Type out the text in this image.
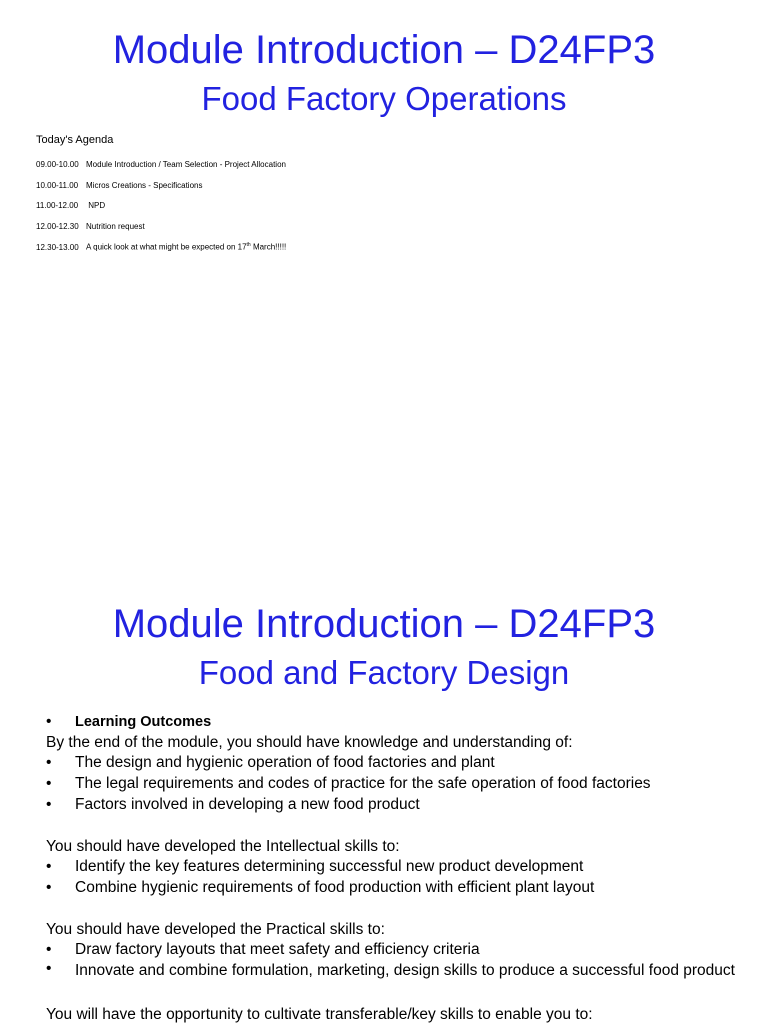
Module Introduction – D24FP3
Food Factory Operations
Today's Agenda
09.00-10.00 Module Introduction / Team Selection - Project Allocation
10.00-11.00 Micros Creations - Specifications
11.00-12.00 NPD
12.00-12.30 Nutrition request
12.30-13.00 A quick look at what might be expected on 17th March!!!!!
Module Introduction – D24FP3
Food and Factory Design
• Learning Outcomes
By the end of the module, you should have knowledge and understanding of:
• The design and hygienic operation of food factories and plant
• The legal requirements and codes of practice for the safe operation of food factories
• Factors involved in developing a new food product
You should have developed the Intellectual skills to:
• Identify the key features determining successful new product development
• Combine hygienic requirements of food production with efficient plant layout
You should have developed the Practical skills to:
• Draw factory layouts that meet safety and efficiency criteria
• Innovate and combine formulation, marketing, design skills to produce a successful food product
You will have the opportunity to cultivate transferable/key skills to enable you to:
